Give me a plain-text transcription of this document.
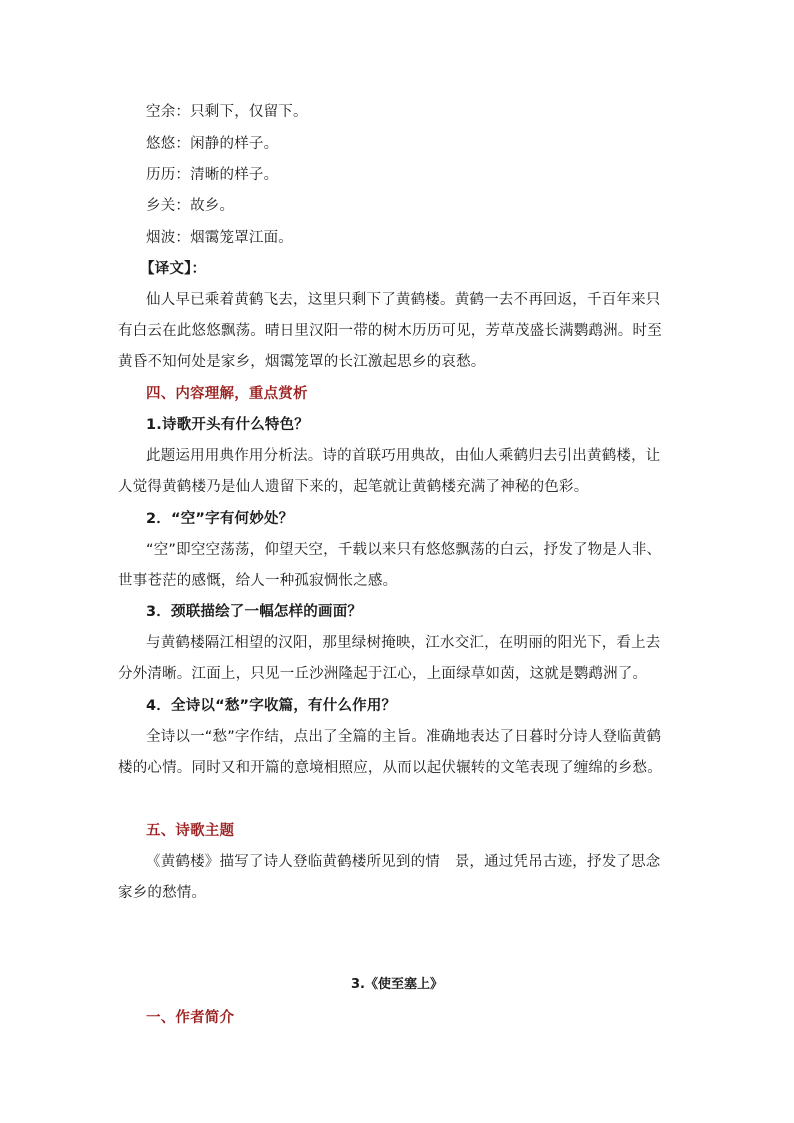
空余：只剩下，仅留下。
悠悠：闲静的样子。
历历：清晰的样子。
乡关：故乡。
烟波：烟霭笼罩江面。
【译文】：
仙人早已乘着黄鹤飞去，这里只剩下了黄鹤楼。黄鹤一去不再回返，千百年来只有白云在此悠悠飘荡。晴日里汉阳一带的树木历历可见，芳草茂盛长满鹦鹉洲。时至黄昏不知何处是家乡，烟霭笼罩的长江激起思乡的哀愁。
四、内容理解，重点赏析
1.诗歌开头有什么特色？
此题运用用典作用分析法。诗的首联巧用典故，由仙人乘鹤归去引出黄鹤楼，让人觉得黄鹤楼乃是仙人遗留下来的，起笔就让黄鹤楼充满了神秘的色彩。
2．“空”字有何妙处？
“空”即空空荡荡，仰望天空，千载以来只有悠悠飘荡的白云，抒发了物是人非、世事苍茫的感慨，给人一种孤寂惆怅之感。
3．颈联描绘了一幅怎样的画面？
与黄鹤楼隔江相望的汉阳，那里绿树掩映，江水交汇，在明丽的阳光下，看上去分外清晰。江面上，只见一丘沙洲隆起于江心，上面绿草如茵，这就是鹦鹉洲了。
4．全诗以“愁”字收篇，有什么作用？
全诗以一“愁”字作结，点出了全篇的主旨。准确地表达了日暮时分诗人登临黄鹤楼的心情。同时又和开篇的意境相照应，从而以起伏辗转的文笔表现了缠绵的乡愁。
五、诗歌主题
《黄鹤楼》描写了诗人登临黄鹤楼所见到的情　景，通过凭吊古迹，抒发了思念家乡的愁情。
3.《使至塞上》
一、作者简介
